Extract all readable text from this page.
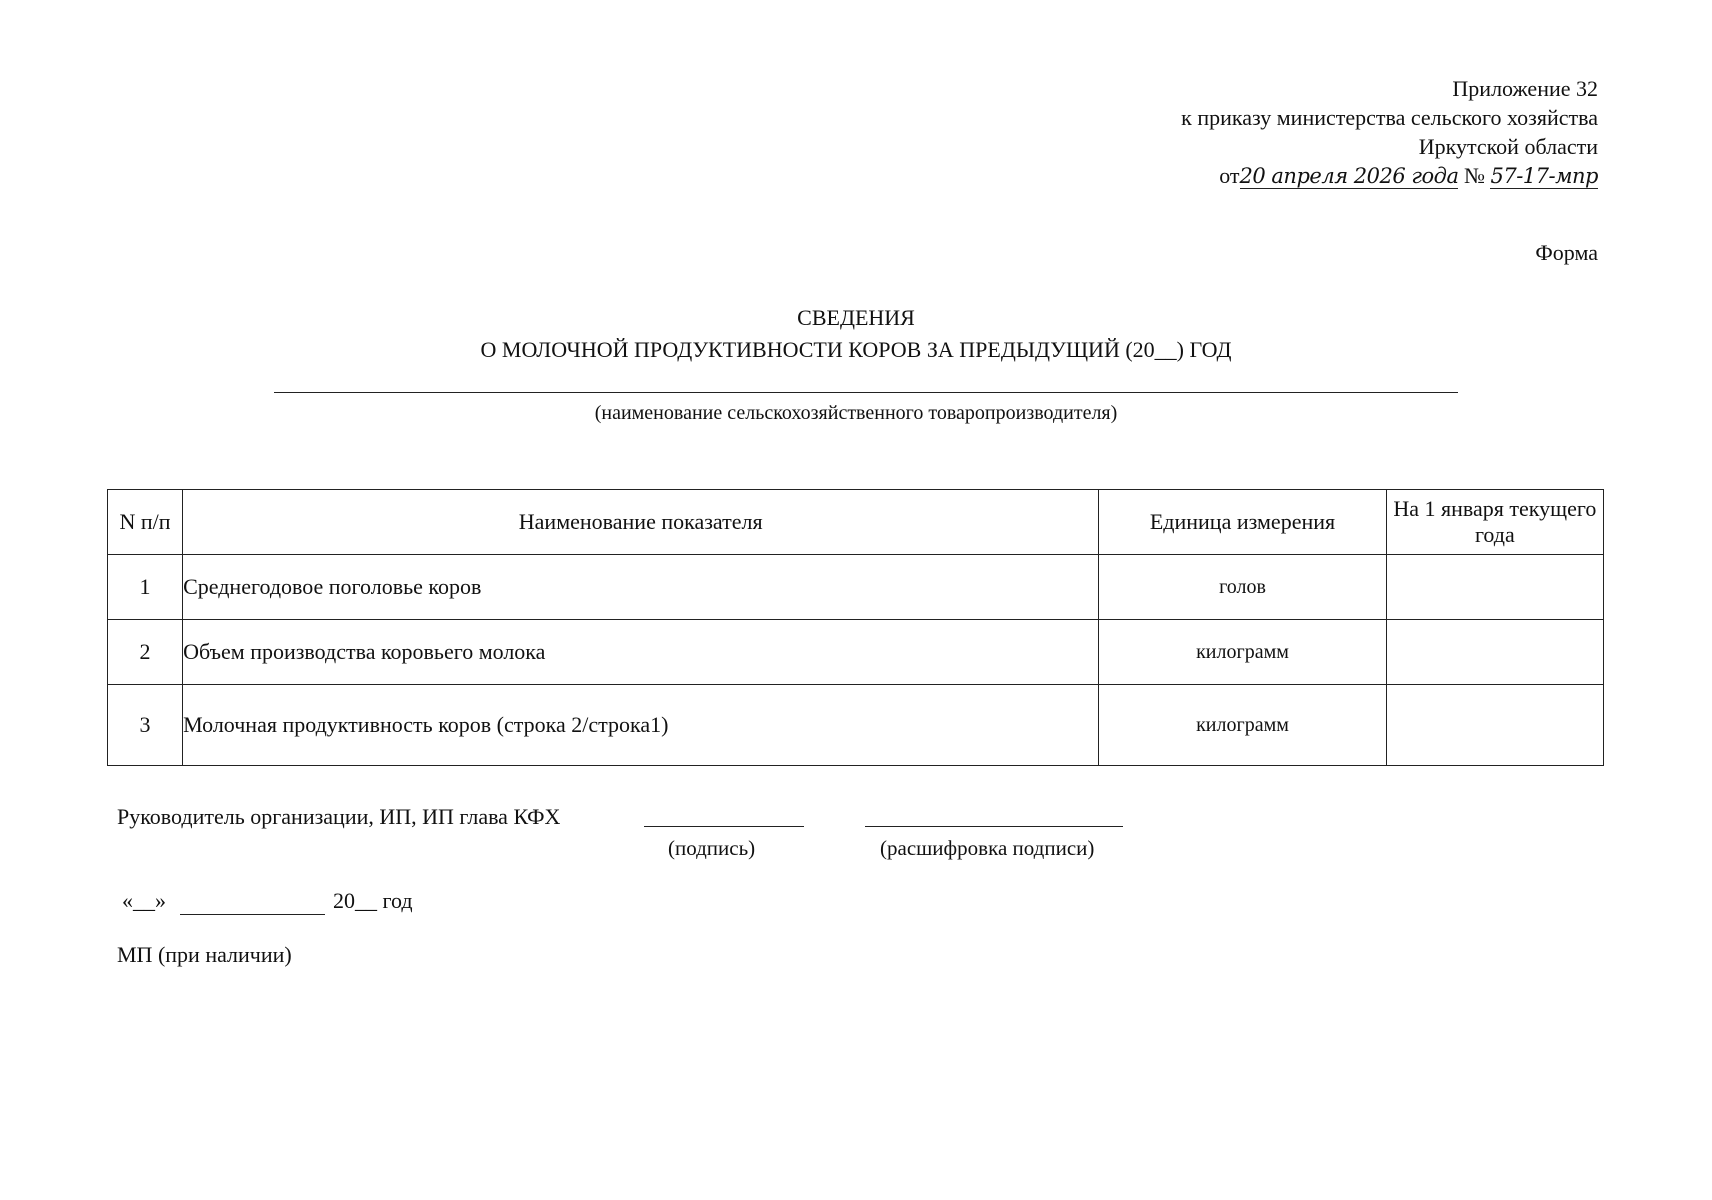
Приложение 32
к приказу министерства сельского хозяйства
Иркутской области
от20 апреля 2026 года № 57-17-мпр
Форма
СВЕДЕНИЯ
О МОЛОЧНОЙ ПРОДУКТИВНОСТИ КОРОВ ЗА ПРЕДЫДУЩИЙ (20__) ГОД
(наименование сельскохозяйственного товаропроизводителя)
N п/п	Наименование показателя	Единица измерения	На 1 января текущего года
1	Среднегодовое поголовье коров	голов	
2	Объем производства коровьего молока	килограмм	
3	Молочная продуктивность коров (строка 2/строка1)	килограмм	
Руководитель организации, ИП, ИП глава КФХ
(подпись)	(расшифровка подписи)
«__»	20__ год
МП (при наличии)
